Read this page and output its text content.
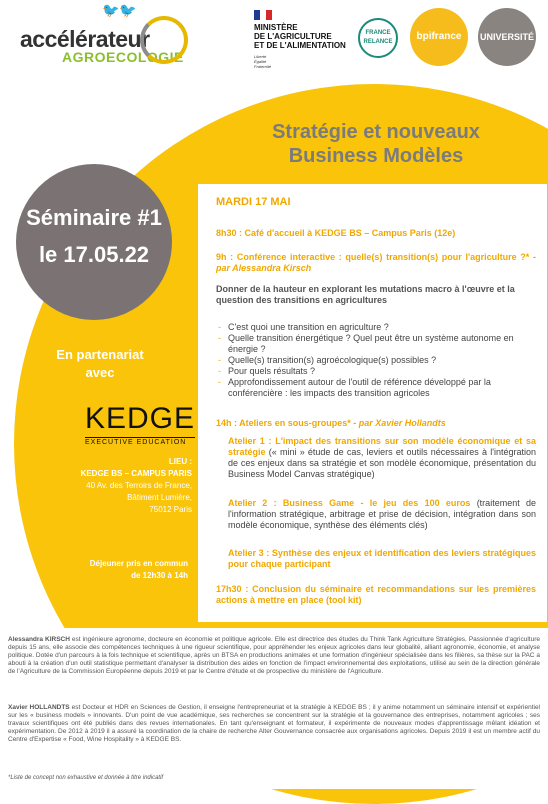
🐦🐦
accélérateur
AGROECOLOGIE
MINISTÈRE
DE L'AGRICULTURE
ET DE L'ALIMENTATION
Liberté
Égalité
Fraternité
FRANCE
RELANCE	bpifrance	UNIVERSITÉ
Stratégie et nouveaux
Business Modèles
Séminaire #1
le 17.05.22
En partenariat
avec
KEDGE
EXECUTIVE EDUCATION
LIEU :
KEDGE BS – CAMPUS PARIS
40 Av. des Terroirs de France,
Bâtiment Lumière,
75012 Paris
Déjeuner pris en commun
de 12h30 à 14h
MARDI 17 MAI
8h30 : Café d'accueil à KEDGE BS – Campus Paris (12e)
9h : Conférence interactive : quelle(s) transition(s) pour l'agriculture ?* - par Alessandra Kirsch
Donner de la hauteur en explorant les mutations macro à l'œuvre et la question des transitions en agricultures
- C'est quoi une transition en agriculture ?
- Quelle transition énergétique ? Quel peut être un système autonome en énergie ?
- Quelle(s) transition(s) agroécologique(s) possibles ?
- Pour quels résultats ?
- Approfondissement autour de l'outil de référence développé par la conférencière : les impacts des transition agricoles
14h : Ateliers en sous-groupes* - par Xavier Hollandts
Atelier 1 : L'impact des transitions sur son modèle économique et sa stratégie (« mini » étude de cas, leviers et outils nécessaires à l'intégration de ces enjeux dans sa stratégie et son modèle économique, présentation du Business Model Canvas stratégique)
Atelier 2 : Business Game - le jeu des 100 euros (traitement de l'information stratégique, arbitrage et prise de décision, intégration dans son modèle économique, synthèse des éléments clés)
Atelier 3 : Synthèse des enjeux et identification des leviers stratégiques pour chaque participant
17h30 : Conclusion du séminaire et recommandations sur les premières actions à mettre en place (tool kit)
Alessandra KIRSCH est ingénieure agronome, docteure en économie et politique agricole. Elle est directrice des études du Think Tank Agriculture Stratégies. Passionnée d'agriculture depuis 15 ans, elle associe des compétences techniques à une rigueur scientifique, pour appréhender les enjeux agricoles dans leur globalité, alliant agronomie, économie, et analyse politique. Dotée d'un parcours à la fois technique et scientifique, après un BTSA en productions animales et une formation d'ingénieur spécialisée dans les filières, sa thèse sur la PAC a abouti à la création d'un outil statistique permettant d'analyser la distribution des aides en fonction de l'impact environnemental des exploitations, utilisé au sein de la direction générale de l'Agriculture de la Commission Européenne depuis 2019 et par le Centre d'étude et de prospective du ministère de l'Agriculture.
Xavier HOLLANDTS est Docteur et HDR en Sciences de Gestion, il enseigne l'entrepreneuriat et la stratégie à KEDGE BS ; il y anime notamment un séminaire intensif et expérientiel sur les « business models » innovants. D'un point de vue académique, ses recherches se concentrent sur la stratégie et la gouvernance des entreprises, notamment agricoles ; ses travaux scientifiques ont été publiés dans des revues internationales. En tant qu'enseignant et formateur, il expérimente de nouveaux modes d'apprentissage mêlant idéation et expérimentation. De 2012 à 2019 il a assuré la coordination de la chaire de recherche Alter Gouvernance consacrée aux organisations agricoles. Depuis 2019 il est un membre actif du Centre d'Expertise « Food, Wine Hospitality » à KEDGE BS.
*Liste de concept non exhaustive et donnée à titre indicatif
